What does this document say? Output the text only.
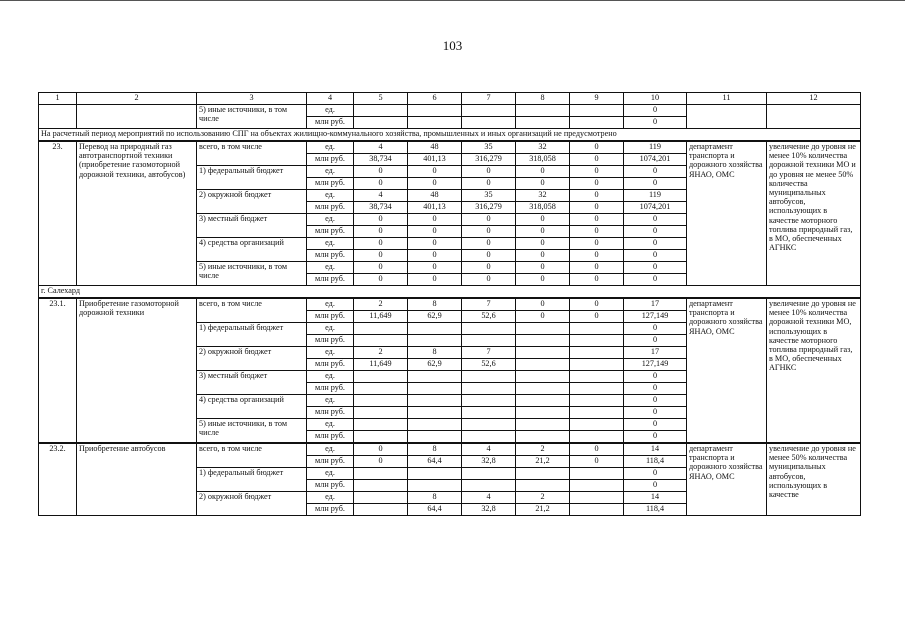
103
1	2	3	4	5	6	7	8	9	10	11	12
		5) иные источники, в том числе	ед.						0		
			млн руб.						0		
На расчетный период мероприятий по использованию СПГ на объектах жилищно-коммунального хозяйства, промышленных и иных организаций не предусмотрено											
23.	Перевод на природный газ автотранспортной техники (приобретение газомоторной дорожной техники, автобусов)	всего, в том числе	ед.	4	48	35	32	0	119	департамент транспорта и дорожного хозяйства ЯНАО, ОМС	увеличение до уровня не менее 10% количества дорожной техники МО и до уровня не менее 50% количества муниципальных автобусов, использующих в качестве моторного топлива природный газ, в МО, обеспеченных АГНКС
			млн руб.	38,734	401,13	316,279	318,058	0	1074,201		
		1) федеральный бюджет	ед.	0	0	0	0	0	0		
			млн руб.	0	0	0	0	0	0		
		2) окружной бюджет	ед.	4	48	35	32	0	119		
			млн руб.	38,734	401,13	316,279	318,058	0	1074,201		
		3) местный бюджет	ед.	0	0	0	0	0	0		
			млн руб.	0	0	0	0	0	0		
		4) средства организаций	ед.	0	0	0	0	0	0		
			млн руб.	0	0	0	0	0	0		
		5) иные источники, в том числе	ед.	0	0	0	0	0	0		
			млн руб.	0	0	0	0	0	0		
г. Салехард											
23.1.	Приобретение газомоторной дорожной техники	всего, в том числе	ед.	2	8	7	0	0	17	департамент транспорта и дорожного хозяйства ЯНАО, ОМС	увеличение до уровня не менее 10% количества дорожной техники МО, использующих в качестве моторного топлива природный газ, в МО, обеспеченных АГНКС
			млн руб.	11,649	62,9	52,6	0	0	127,149		
		1) федеральный бюджет	ед.						0		
			млн руб.						0		
		2) окружной бюджет	ед.	2	8	7			17		
			млн руб.	11,649	62,9	52,6			127,149		
		3) местный бюджет	ед.						0		
			млн руб.						0		
		4) средства организаций	ед.						0		
			млн руб.						0		
		5) иные источники, в том числе	ед.						0		
			млн руб.						0		
23.2.	Приобретение автобусов	всего, в том числе	ед.	0	8	4	2	0	14	департамент транспорта и дорожного хозяйства ЯНАО, ОМС	увеличение до уровня не менее 50% количества муниципальных автобусов, использующих в качестве
			млн руб.	0	64,4	32,8	21,2	0	118,4		
		1) федеральный бюджет	ед.						0		
			млн руб.						0		
		2) окружной бюджет	ед.		8	4	2		14		
			млн руб.		64,4	32,8	21,2		118,4		
